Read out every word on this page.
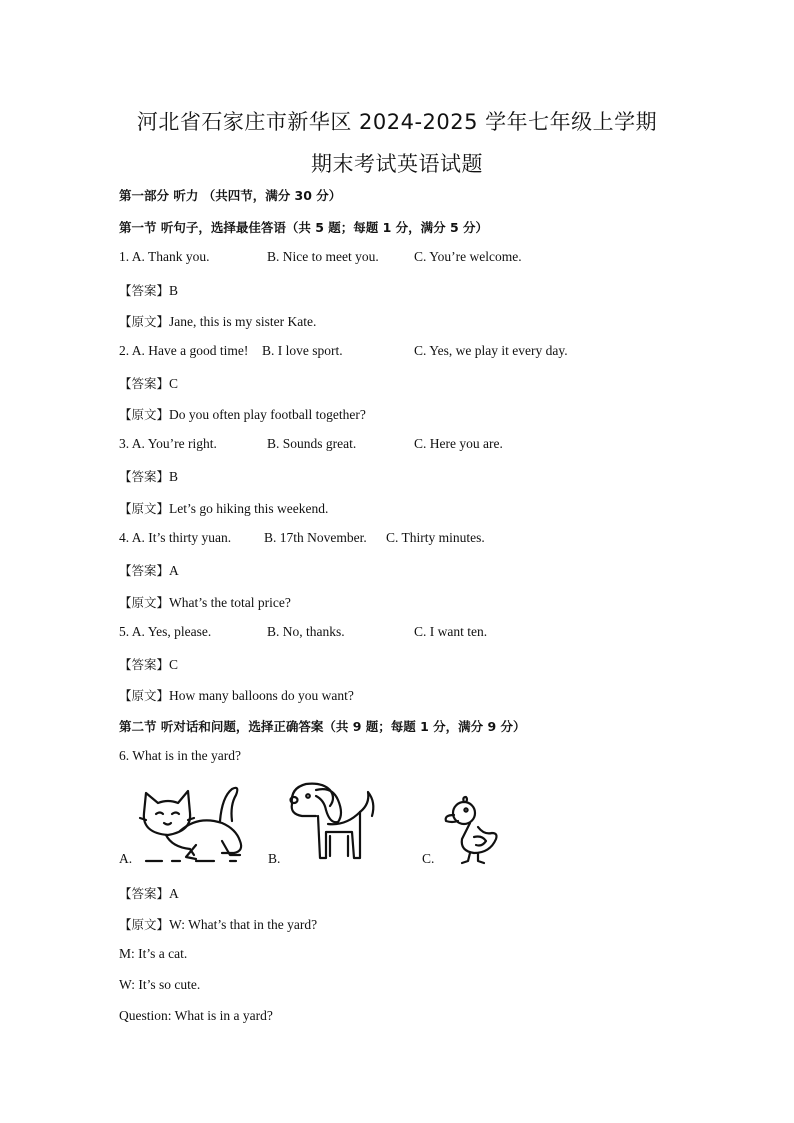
河北省石家庄市新华区 2024-2025 学年七年级上学期
期末考试英语试题
第一部分 听力 （共四节，满分 30 分）
第一节 听句子，选择最佳答语（共 5 题；每题 1 分，满分 5 分）
1. A. Thank you.	B. Nice to meet you.	C. You’re welcome.
【答案】B
【原文】Jane, this is my sister Kate.
2. A. Have a good time! B. I love sport.	C. Yes, we play it every day.
【答案】C
【原文】Do you often play football together?
3. A. You’re right.	B. Sounds great.	C. Here you are.
【答案】B
【原文】Let’s go hiking this weekend.
4. A. It’s thirty yuan. B. 17th November. C. Thirty minutes.
【答案】A
【原文】What’s the total price?
5. A. Yes, please.	B. No, thanks.	C. I want ten.
【答案】C
【原文】How many balloons do you want?
第二节 听对话和问题，选择正确答案（共 9 题；每题 1 分，满分 9 分）
6. What is in the yard?
A.	B.	C.
【答案】A
【原文】W: What’s that in the yard?
M: It’s a cat.
W: It’s so cute.
Question: What is in a yard?
